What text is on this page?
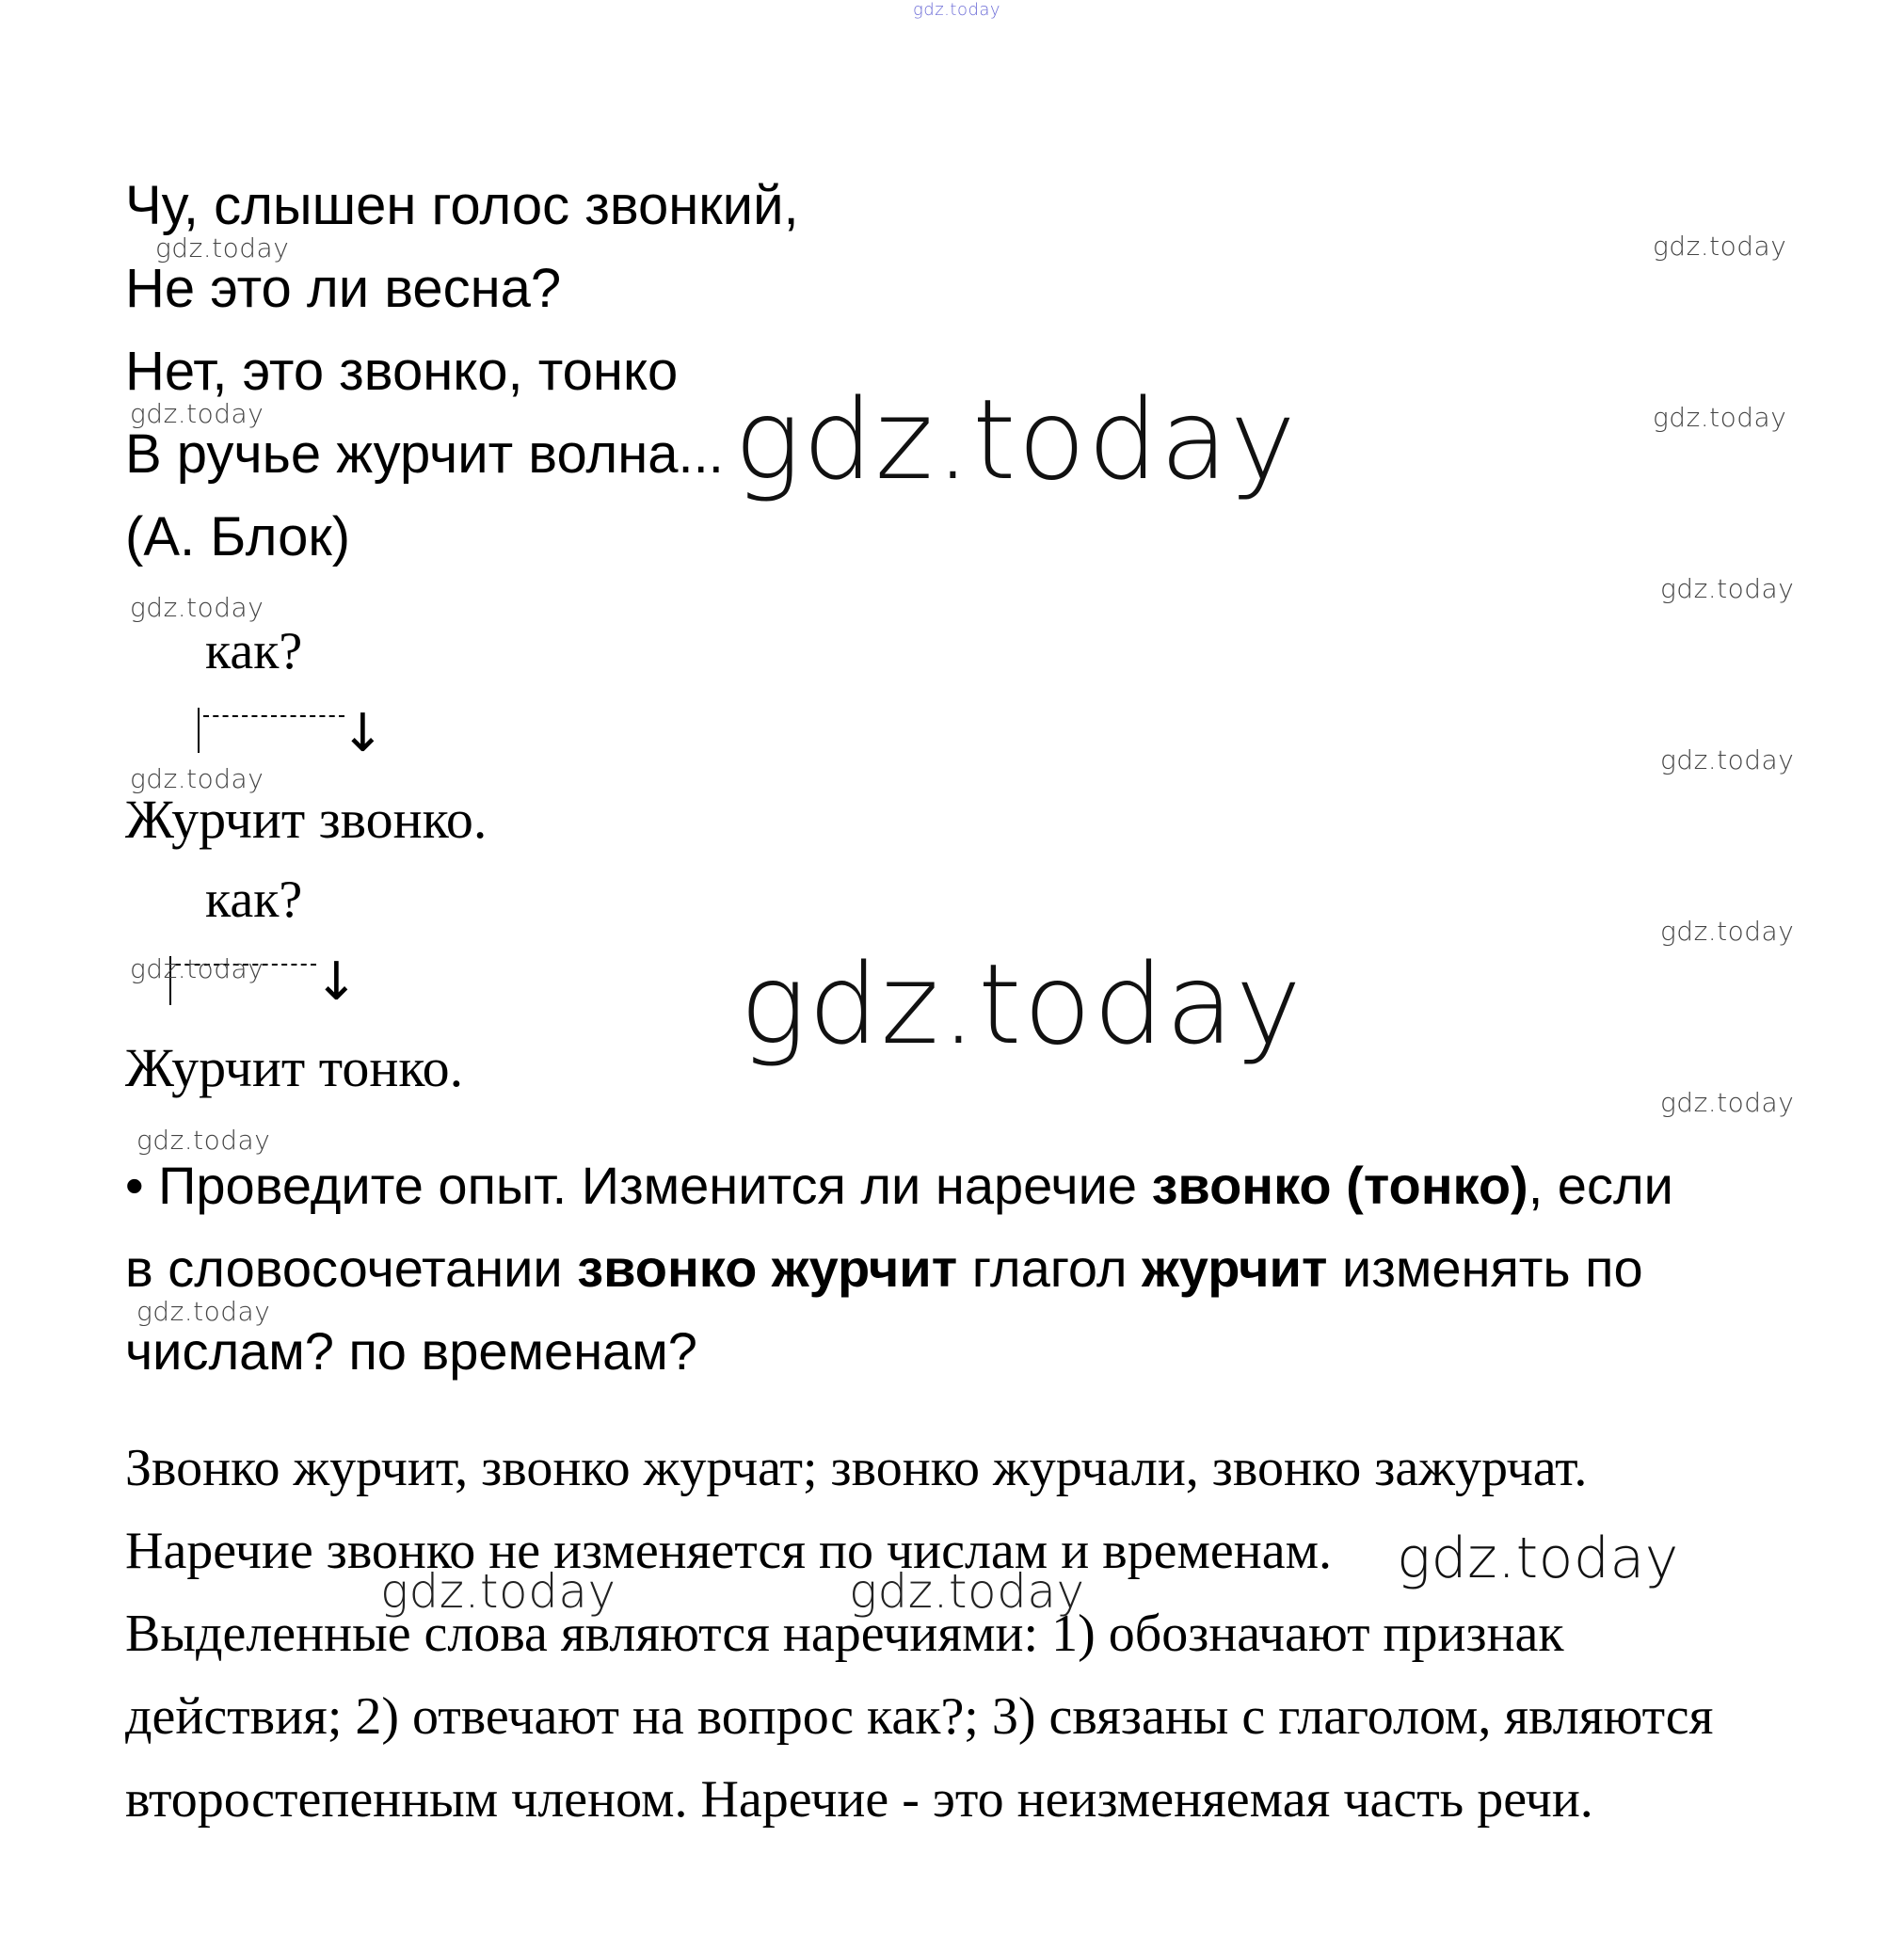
gdz.today
Чу, слышен голос звонкий,
Не это ли весна?
Нет, это звонко, тонко
В ручье журчит волна...
(А. Блок)
как?
↓
Журчит звонко.
как?
↓
Журчит тонко.
• Проведите опыт. Изменится ли наречие звонко (тонко), если
в словосочетании звонко журчит глагол журчит изменять по
числам? по временам?
Звонко журчит, звонко журчат; звонко журчали, звонко зажурчат.
Наречие звонко не изменяется по числам и временам.
Выделенные слова являются наречиями: 1) обозначают признак
действия; 2) отвечают на вопрос как?; 3) связаны с глаголом, являются
второстепенным членом. Наречие - это неизменяемая часть речи.
gdz.today
gdz.today
gdz.today
gdz.today
gdz.today
gdz.today
gdz.today
gdz.today
gdz.today
gdz.today
gdz.today
gdz.today
gdz.today
gdz.today
gdz.today
gdz.today
gdz.today	gdz.today
